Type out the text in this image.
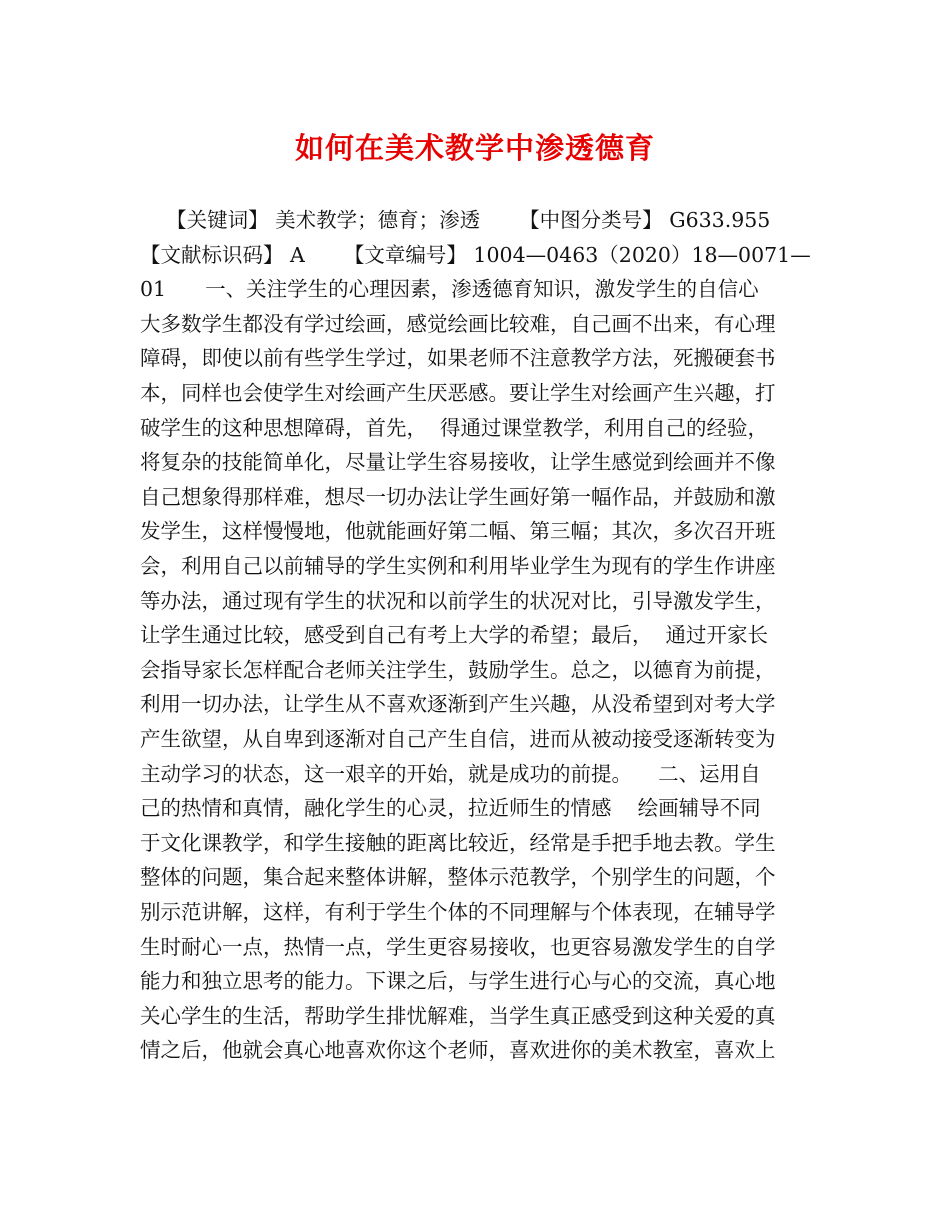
如何在美术教学中渗透德育
【关键词】 美术教学；德育；渗透      【中图分类号】 G633.955
【文献标识码】 A      【文章编号】 1004—0463（2020）18—0071—
01      一、关注学生的心理因素，渗透德育知识，激发学生的自信心
大多数学生都没有学过绘画，感觉绘画比较难，自己画不出来，有心理
障碍，即使以前有些学生学过，如果老师不注意教学方法，死搬硬套书
本，同样也会使学生对绘画产生厌恶感。要让学生对绘画产生兴趣，打
破学生的这种思想障碍，首先，  得通过课堂教学，利用自己的经验，
将复杂的技能简单化，尽量让学生容易接收，让学生感觉到绘画并不像
自己想象得那样难，想尽一切办法让学生画好第一幅作品，并鼓励和激
发学生，这样慢慢地，他就能画好第二幅、第三幅；其次，多次召开班
会，利用自己以前辅导的学生实例和利用毕业学生为现有的学生作讲座
等办法，通过现有学生的状况和以前学生的状况对比，引导激发学生，
让学生通过比较，感受到自己有考上大学的希望；最后，  通过开家长
会指导家长怎样配合老师关注学生，鼓励学生。总之，以德育为前提，
利用一切办法，让学生从不喜欢逐渐到产生兴趣，从没希望到对考大学
产生欲望，从自卑到逐渐对自己产生自信，进而从被动接受逐渐转变为
主动学习的状态，这一艰辛的开始，就是成功的前提。    二、运用自
己的热情和真情，融化学生的心灵，拉近师生的情感    绘画辅导不同
于文化课教学，和学生接触的距离比较近，经常是手把手地去教。学生
整体的问题，集合起来整体讲解，整体示范教学，个别学生的问题，个
别示范讲解，这样，有利于学生个体的不同理解与个体表现，在辅导学
生时耐心一点，热情一点，学生更容易接收，也更容易激发学生的自学
能力和独立思考的能力。下课之后，与学生进行心与心的交流，真心地
关心学生的生活，帮助学生排忧解难，当学生真正感受到这种关爱的真
情之后，他就会真心地喜欢你这个老师，喜欢进你的美术教室，喜欢上
